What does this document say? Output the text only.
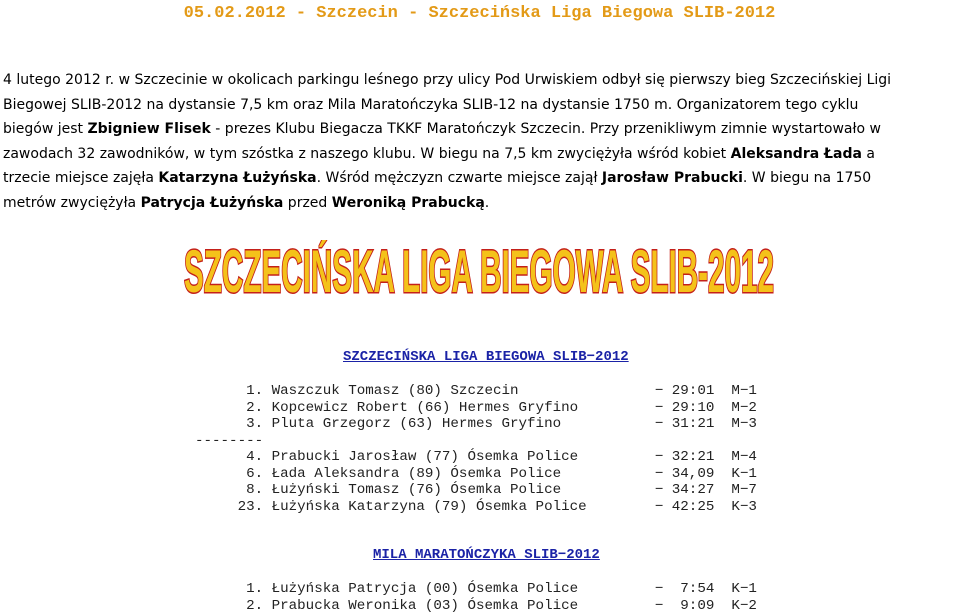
05.02.2012 - Szczecin - Szczecińska Liga Biegowa SLIB-2012
4 lutego 2012 r. w Szczecinie w okolicach parkingu leśnego przy ulicy Pod Urwiskiem odbył się pierwszy bieg Szczecińskiej Ligi
Biegowej SLIB-2012 na dystansie 7,5 km oraz Mila Maratończyka SLIB-12 na dystansie 1750 m. Organizatorem tego cyklu
biegów jest Zbigniew Flisek - prezes Klubu Biegacza TKKF Maratończyk Szczecin. Przy przenikliwym zimnie wystartowało w
zawodach 32 zawodników, w tym szóstka z naszego klubu. W biegu na 7,5 km zwyciężyła wśród kobiet Aleksandra Łada a
trzecie miejsce zajęła Katarzyna Łużyńska. Wśród mężczyzn czwarte miejsce zajął Jarosław Prabucki. W biegu na 1750
metrów zwyciężyła Patrycja Łużyńska przed Weroniką Prabucką.
SZCZECIŃSKA LIGA BIEGOWA SLIB-2012
SZCZECIŃSKA LIGA BIEGOWA SLIB−2012
1. Waszczuk Tomasz (80) Szczecin                − 29:01  M−1
2. Kopcewicz Robert (66) Hermes Gryfino         − 29:10  M−2
3. Pluta Grzegorz (63) Hermes Gryfino           − 31:21  M−3
--------
4. Prabucki Jarosław (77) Ósemka Police         − 32:21  M−4
6. Łada Aleksandra (89) Ósemka Police           − 34,09  K−1
8. Łużyński Tomasz (76) Ósemka Police           − 34:27  M−7
23. Łużyńska Katarzyna (79) Ósemka Police        − 42:25  K−3
MILA MARATOŃCZYKA SLIB−2012
1. Łużyńska Patrycja (00) Ósemka Police         −  7:54  K−1
2. Prabucka Weronika (03) Ósemka Police         −  9:09  K−2
